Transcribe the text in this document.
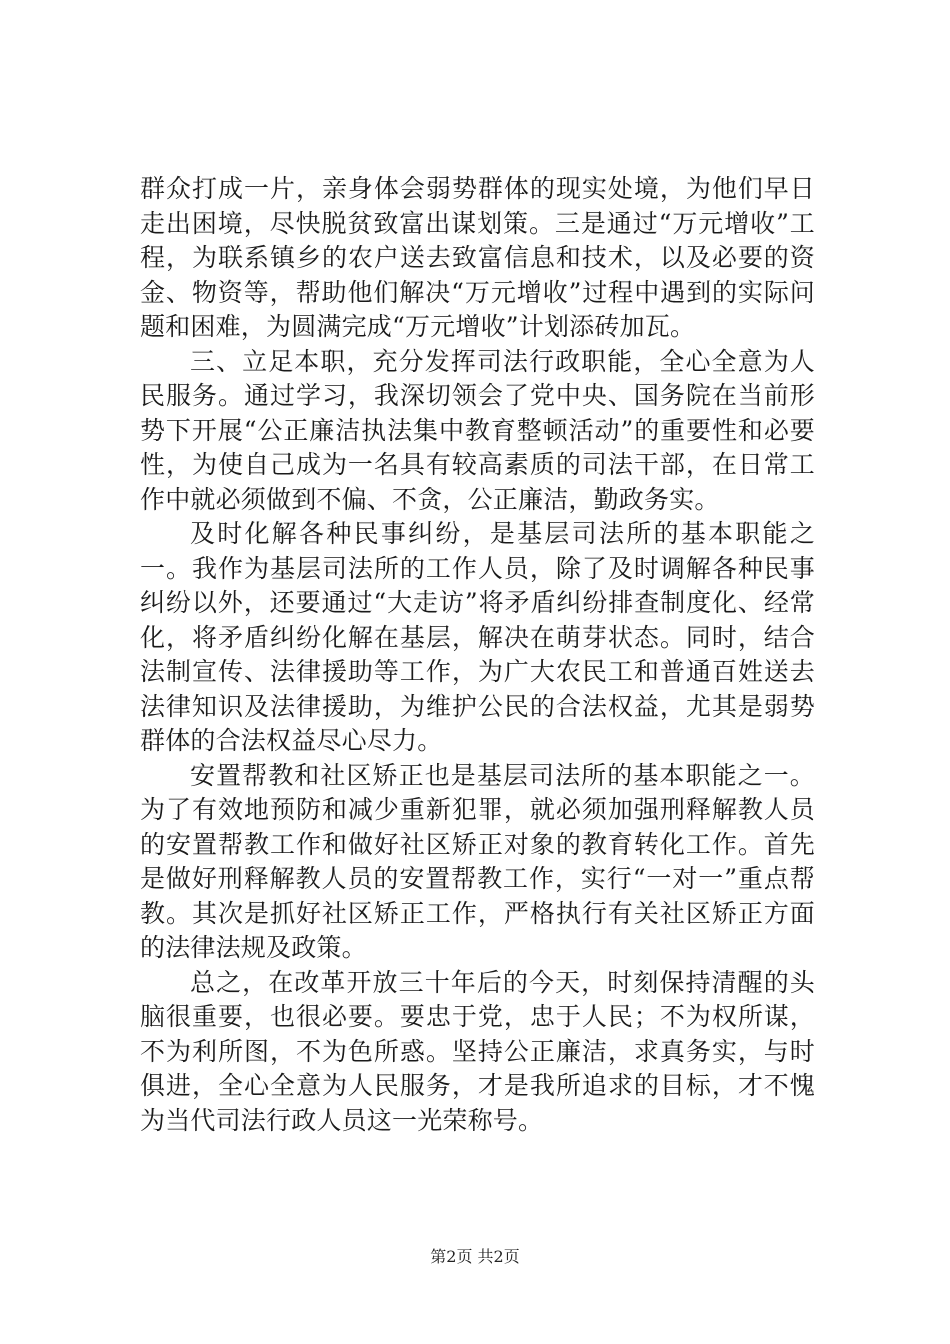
群众打成一片，亲身体会弱势群体的现实处境，为他们早日走出困境，尽快脱贫致富出谋划策。三是通过“万元增收”工程，为联系镇乡的农户送去致富信息和技术，以及必要的资金、物资等，帮助他们解决“万元增收”过程中遇到的实际问题和困难，为圆满完成“万元增收”计划添砖加瓦。

三、立足本职，充分发挥司法行政职能，全心全意为人民服务。通过学习，我深切领会了党中央、国务院在当前形势下开展“公正廉洁执法集中教育整顿活动”的重要性和必要性，为使自己成为一名具有较高素质的司法干部，在日常工作中就必须做到不偏、不贪，公正廉洁，勤政务实。

及时化解各种民事纠纷，是基层司法所的基本职能之一。我作为基层司法所的工作人员，除了及时调解各种民事纠纷以外，还要通过“大走访”将矛盾纠纷排查制度化、经常化，将矛盾纠纷化解在基层，解决在萌芽状态。同时，结合法制宣传、法律援助等工作，为广大农民工和普通百姓送去法律知识及法律援助，为维护公民的合法权益，尤其是弱势群体的合法权益尽心尽力。

安置帮教和社区矫正也是基层司法所的基本职能之一。为了有效地预防和减少重新犯罪，就必须加强刑释解教人员的安置帮教工作和做好社区矫正对象的教育转化工作。首先是做好刑释解教人员的安置帮教工作，实行“一对一”重点帮教。其次是抓好社区矫正工作，严格执行有关社区矫正方面的法律法规及政策。

总之，在改革开放三十年后的今天，时刻保持清醒的头脑很重要，也很必要。要忠于党，忠于人民；不为权所谋，不为利所图，不为色所惑。坚持公正廉洁，求真务实，与时俱进，全心全意为人民服务，才是我所追求的目标，才不愧为当代司法行政人员这一光荣称号。

第2页 共2页
